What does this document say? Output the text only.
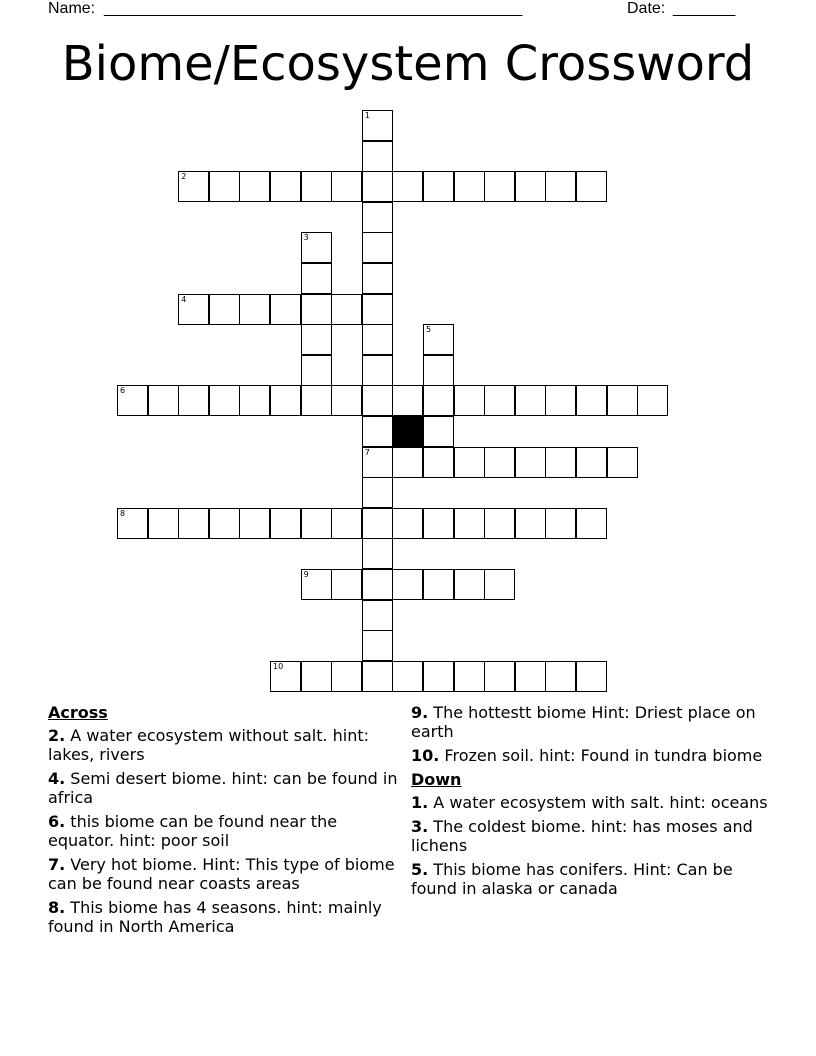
Name: _______________________________________________	Date: _______
Biome/Ecosystem Crossword
1
2
3
4
5
6
7
8
9
10
Across
2. A water ecosystem without salt. hint: lakes, rivers
4. Semi desert biome. hint: can be found in africa
6. this biome can be found near the equator. hint: poor soil
7. Very hot biome. Hint: This type of biome can be found near coasts areas
8. This biome has 4 seasons. hint: mainly found in North America
9. The hottestt biome Hint: Driest place on earth
10. Frozen soil. hint: Found in tundra biome
Down
1. A water ecosystem with salt. hint: oceans
3. The coldest biome. hint: has moses and lichens
5. This biome has conifers. Hint: Can be found in alaska or canada
